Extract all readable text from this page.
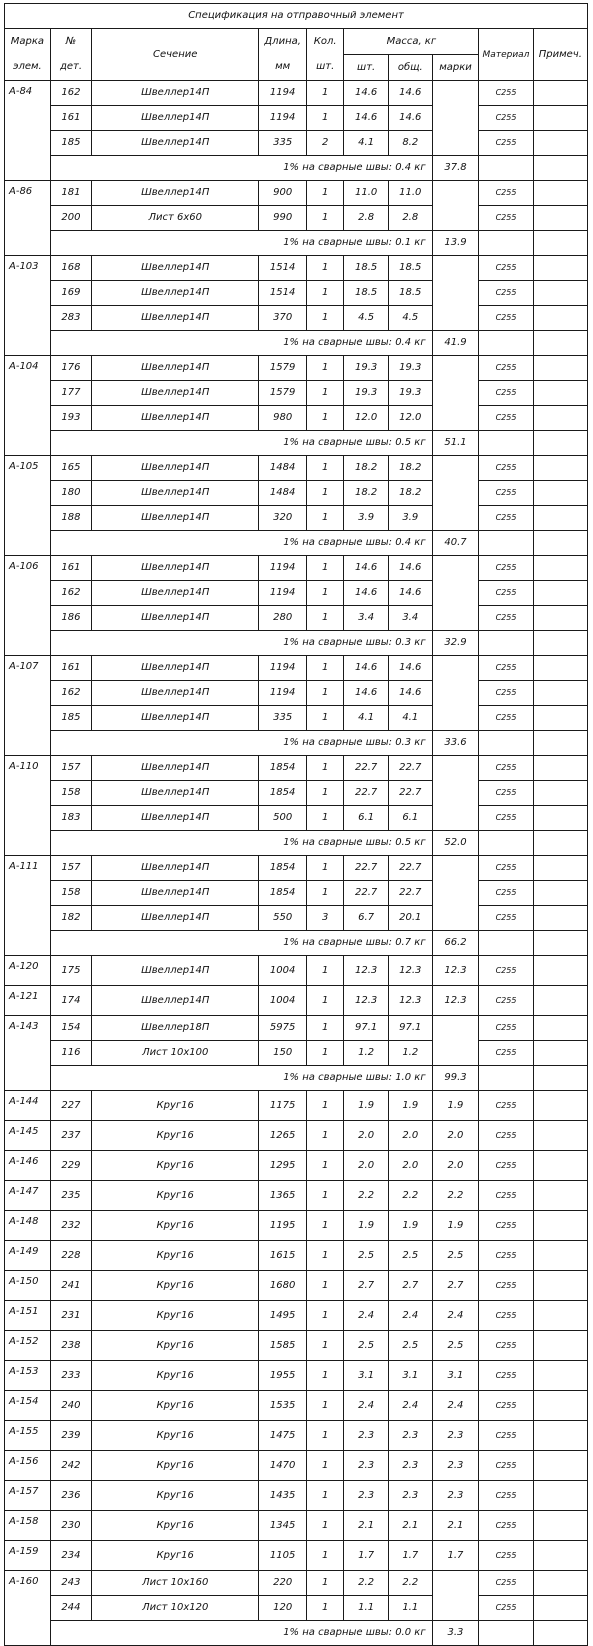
Спецификация на отправочный элемент									
Марка	№	Сечение	Длина,	Кол.	Масса, кг			Материал	Примеч.
элем.	дет.		мм	шт.	шт.	общ.	марки		
А-84	162	Швеллер14П	1194	1	14.6	14.6		С255	
	161	Швеллер14П	1194	1	14.6	14.6		С255	
	185	Швеллер14П	335	2	4.1	8.2		С255	
	1% на сварные швы: 0.4 кг						37.8		
А-86	181	Швеллер14П	900	1	11.0	11.0		С255	
	200	Лист 6х60	990	1	2.8	2.8		С255	
	1% на сварные швы: 0.1 кг						13.9		
А-103	168	Швеллер14П	1514	1	18.5	18.5		С255	
	169	Швеллер14П	1514	1	18.5	18.5		С255	
	283	Швеллер14П	370	1	4.5	4.5		С255	
	1% на сварные швы: 0.4 кг						41.9		
А-104	176	Швеллер14П	1579	1	19.3	19.3		С255	
	177	Швеллер14П	1579	1	19.3	19.3		С255	
	193	Швеллер14П	980	1	12.0	12.0		С255	
	1% на сварные швы: 0.5 кг						51.1		
А-105	165	Швеллер14П	1484	1	18.2	18.2		С255	
	180	Швеллер14П	1484	1	18.2	18.2		С255	
	188	Швеллер14П	320	1	3.9	3.9		С255	
	1% на сварные швы: 0.4 кг						40.7		
А-106	161	Швеллер14П	1194	1	14.6	14.6		С255	
	162	Швеллер14П	1194	1	14.6	14.6		С255	
	186	Швеллер14П	280	1	3.4	3.4		С255	
	1% на сварные швы: 0.3 кг						32.9		
А-107	161	Швеллер14П	1194	1	14.6	14.6		С255	
	162	Швеллер14П	1194	1	14.6	14.6		С255	
	185	Швеллер14П	335	1	4.1	4.1		С255	
	1% на сварные швы: 0.3 кг						33.6		
А-110	157	Швеллер14П	1854	1	22.7	22.7		С255	
	158	Швеллер14П	1854	1	22.7	22.7		С255	
	183	Швеллер14П	500	1	6.1	6.1		С255	
	1% на сварные швы: 0.5 кг						52.0		
А-111	157	Швеллер14П	1854	1	22.7	22.7		С255	
	158	Швеллер14П	1854	1	22.7	22.7		С255	
	182	Швеллер14П	550	3	6.7	20.1		С255	
	1% на сварные швы: 0.7 кг						66.2		
А-120	175	Швеллер14П	1004	1	12.3	12.3	12.3	С255	
А-121	174	Швеллер14П	1004	1	12.3	12.3	12.3	С255	
А-143	154	Швеллер18П	5975	1	97.1	97.1		С255	
	116	Лист 10х100	150	1	1.2	1.2		С255	
	1% на сварные швы: 1.0 кг						99.3		
А-144	227	Круг16	1175	1	1.9	1.9	1.9	С255	
А-145	237	Круг16	1265	1	2.0	2.0	2.0	С255	
А-146	229	Круг16	1295	1	2.0	2.0	2.0	С255	
А-147	235	Круг16	1365	1	2.2	2.2	2.2	С255	
А-148	232	Круг16	1195	1	1.9	1.9	1.9	С255	
А-149	228	Круг16	1615	1	2.5	2.5	2.5	С255	
А-150	241	Круг16	1680	1	2.7	2.7	2.7	С255	
А-151	231	Круг16	1495	1	2.4	2.4	2.4	С255	
А-152	238	Круг16	1585	1	2.5	2.5	2.5	С255	
А-153	233	Круг16	1955	1	3.1	3.1	3.1	С255	
А-154	240	Круг16	1535	1	2.4	2.4	2.4	С255	
А-155	239	Круг16	1475	1	2.3	2.3	2.3	С255	
А-156	242	Круг16	1470	1	2.3	2.3	2.3	С255	
А-157	236	Круг16	1435	1	2.3	2.3	2.3	С255	
А-158	230	Круг16	1345	1	2.1	2.1	2.1	С255	
А-159	234	Круг16	1105	1	1.7	1.7	1.7	С255	
А-160	243	Лист 10х160	220	1	2.2	2.2		С255	
	244	Лист 10х120	120	1	1.1	1.1		С255	
	1% на сварные швы: 0.0 кг						3.3		
